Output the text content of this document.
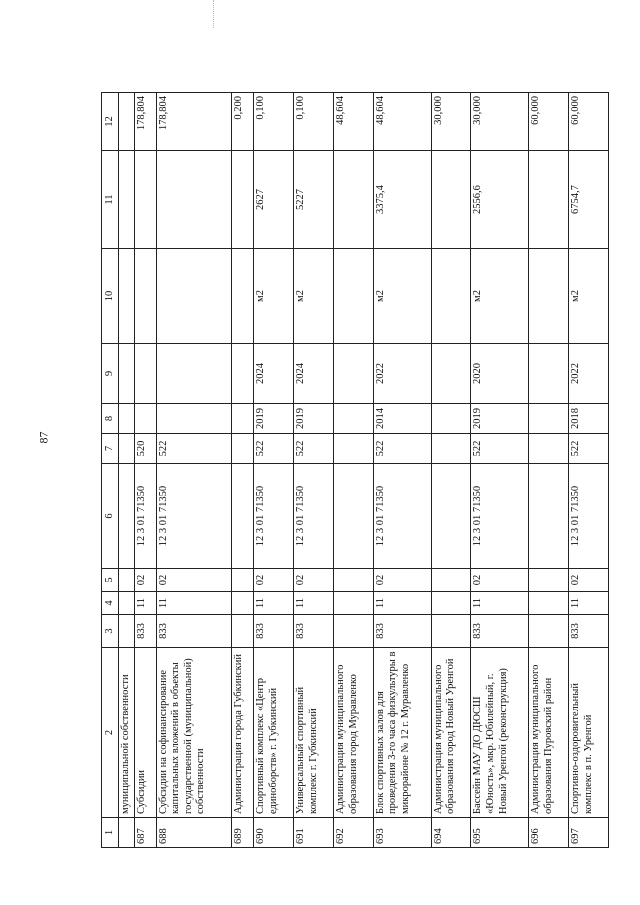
87
1	2	3	4	5	6	7	8	9	10	11	12
	муниципальной собственности										
687	Субсидии	833	11	02	12 3 01 71350	520					178,804
688	Субсидии на софинансирование капитальных вложений в объекты государственной (муниципальной) собственности	833	11	02	12 3 01 71350	522					178,804
689	Администрация города Губкинский										0,200
690	Спортивный комплекс «Центр единоборств» г. Губкинский	833	11	02	12 3 01 71350	522	2019	2024	м2	2627	0,100
691	Универсальный спортивный комплекс г. Губкинский	833	11	02	12 3 01 71350	522	2019	2024	м2	5227	0,100
692	Администрация муниципального образования город Муравленко										48,604
693	Блок спортивных залов для проведения 3-го часа физкультуры в микрорайоне № 12 г. Муравленко	833	11	02	12 3 01 71350	522	2014	2022	м2	3375,4	48,604
694	Администрация муниципального образования город Новый Уренгой										30,000
695	Бассейн МАУ ДО ДЮСШ «Юность», мкр. Юбилейный, г. Новый Уренгой (реконструкция)	833	11	02	12 3 01 71350	522	2019	2020	м2	2556,6	30,000
696	Администрация муниципального образования Пуровский район										60,000
697	Спортивно-оздоровительный комплекс в п. Уренгой	833	11	02	12 3 01 71350	522	2018	2022	м2	6754,7	60,000
